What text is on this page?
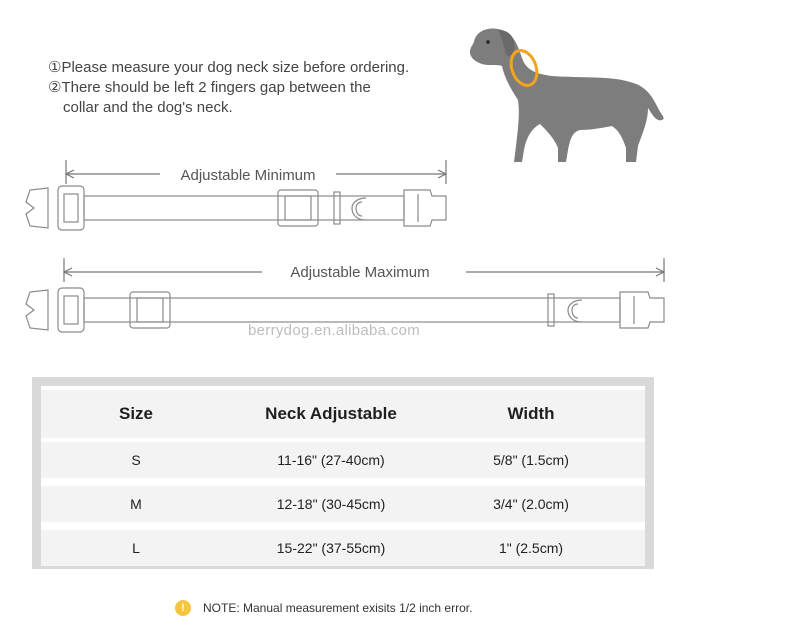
①Please measure your dog neck size before ordering.
②There should be left 2 fingers gap between the
collar and the dog's neck.
Adjustable Minimum
Adjustable Maximum
berrydog.en.alibaba.com
Size	Neck Adjustable	Width
S	11-16" (27-40cm)	5/8" (1.5cm)
M	12-18" (30-45cm)	3/4" (2.0cm)
L	15-22" (37-55cm)	1" (2.5cm)
!	NOTE: Manual measurement exisits 1/2 inch error.
